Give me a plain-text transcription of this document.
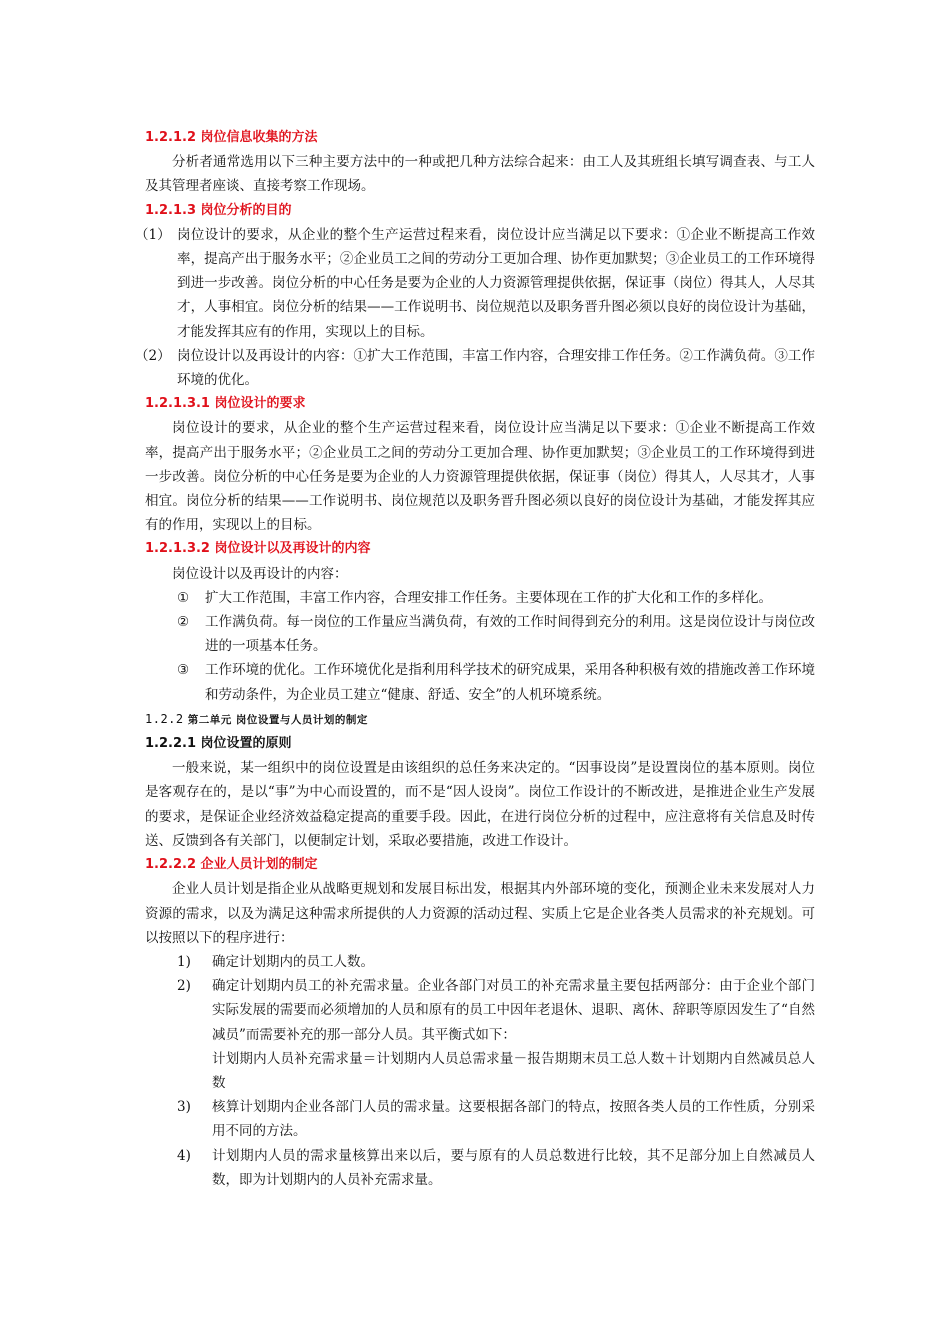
1.2.1.2 岗位信息收集的方法

分析者通常选用以下三种主要方法中的一种或把几种方法综合起来：由工人及其班组长填写调查表、与工人及其管理者座谈、直接考察工作现场。

1.2.1.3 岗位分析的目的

（1） 岗位设计的要求，从企业的整个生产运营过程来看，岗位设计应当满足以下要求：①企业不断提高工作效率，提高产出于服务水平；②企业员工之间的劳动分工更加合理、协作更加默契；③企业员工的工作环境得到进一步改善。岗位分析的中心任务是要为企业的人力资源管理提供依据，保证事（岗位）得其人，人尽其才，人事相宜。岗位分析的结果——工作说明书、岗位规范以及职务晋升图必须以良好的岗位设计为基础，才能发挥其应有的作用，实现以上的目标。
（2） 岗位设计以及再设计的内容：①扩大工作范围，丰富工作内容，合理安排工作任务。②工作满负荷。③工作环境的优化。

1.2.1.3.1 岗位设计的要求

岗位设计的要求，从企业的整个生产运营过程来看，岗位设计应当满足以下要求：①企业不断提高工作效率，提高产出于服务水平；②企业员工之间的劳动分工更加合理、协作更加默契；③企业员工的工作环境得到进一步改善。岗位分析的中心任务是要为企业的人力资源管理提供依据，保证事（岗位）得其人，人尽其才，人事相宜。岗位分析的结果——工作说明书、岗位规范以及职务晋升图必须以良好的岗位设计为基础，才能发挥其应有的作用，实现以上的目标。

1.2.1.3.2 岗位设计以及再设计的内容

岗位设计以及再设计的内容：

①	扩大工作范围，丰富工作内容，合理安排工作任务。主要体现在工作的扩大化和工作的多样化。
②	工作满负荷。每一岗位的工作量应当满负荷，有效的工作时间得到充分的利用。这是岗位设计与岗位改进的一项基本任务。
③	工作环境的优化。工作环境优化是指利用科学技术的研究成果，采用各种积极有效的措施改善工作环境和劳动条件，为企业员工建立“健康、舒适、安全”的人机环境系统。

1.2.2 第二单元 岗位设置与人员计划的制定

1.2.2.1 岗位设置的原则

一般来说，某一组织中的岗位设置是由该组织的总任务来决定的。“因事设岗”是设置岗位的基本原则。岗位是客观存在的，是以“事”为中心而设置的，而不是“因人设岗”。岗位工作设计的不断改进，是推进企业生产发展的要求，是保证企业经济效益稳定提高的重要手段。因此，在进行岗位分析的过程中，应注意将有关信息及时传送、反馈到各有关部门，以便制定计划，采取必要措施，改进工作设计。

1.2.2.2 企业人员计划的制定

企业人员计划是指企业从战略更规划和发展目标出发，根据其内外部环境的变化，预测企业未来发展对人力资源的需求，以及为满足这种需求所提供的人力资源的活动过程、实质上它是企业各类人员需求的补充规划。可以按照以下的程序进行：

1)	确定计划期内的员工人数。
2)	确定计划期内员工的补充需求量。企业各部门对员工的补充需求量主要包括两部分：由于企业个部门实际发展的需要而必须增加的人员和原有的员工中因年老退休、退职、离休、辞职等原因发生了“自然减员”而需要补充的那一部分人员。其平衡式如下：
计划期内人员补充需求量＝计划期内人员总需求量－报告期期末员工总人数＋计划期内自然减员总人数
3)	核算计划期内企业各部门人员的需求量。这要根据各部门的特点，按照各类人员的工作性质，分别采用不同的方法。
4)	计划期内人员的需求量核算出来以后，要与原有的人员总数进行比较，其不足部分加上自然减员人数，即为计划期内的人员补充需求量。
